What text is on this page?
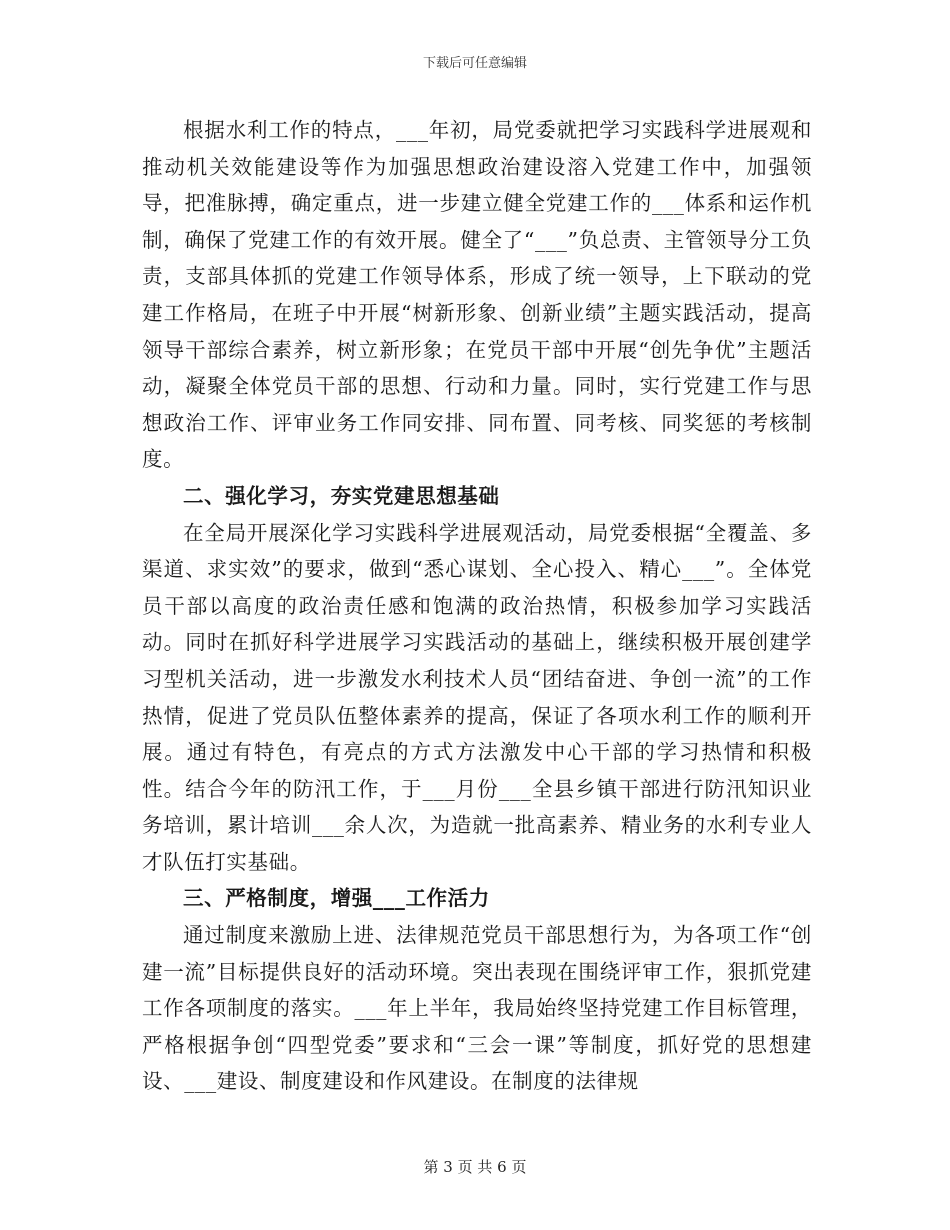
下载后可任意编辑

根据水利工作的特点，___年初，局党委就把学习实践科学进展观和推动机关效能建设等作为加强思想政治建设溶入党建工作中，加强领导，把准脉搏，确定重点，进一步建立健全党建工作的___体系和运作机制，确保了党建工作的有效开展。健全了“___”负总责、主管领导分工负责，支部具体抓的党建工作领导体系，形成了统一领导，上下联动的党建工作格局，在班子中开展“树新形象、创新业绩”主题实践活动，提高领导干部综合素养，树立新形象；在党员干部中开展“创先争优”主题活动，凝聚全体党员干部的思想、行动和力量。同时，实行党建工作与思想政治工作、评审业务工作同安排、同布置、同考核、同奖惩的考核制度。

二、强化学习，夯实党建思想基础

在全局开展深化学习实践科学进展观活动，局党委根据“全覆盖、多渠道、求实效”的要求，做到“悉心谋划、全心投入、精心___”。全体党员干部以高度的政治责任感和饱满的政治热情，积极参加学习实践活动。同时在抓好科学进展学习实践活动的基础上，继续积极开展创建学习型机关活动，进一步激发水利技术人员“团结奋进、争创一流”的工作热情，促进了党员队伍整体素养的提高，保证了各项水利工作的顺利开展。通过有特色，有亮点的方式方法激发中心干部的学习热情和积极性。结合今年的防汛工作，于___月份___全县乡镇干部进行防汛知识业务培训，累计培训___余人次，为造就一批高素养、精业务的水利专业人才队伍打实基础。

三、严格制度，增强___工作活力

通过制度来激励上进、法律规范党员干部思想行为，为各项工作“创建一流”目标提供良好的活动环境。突出表现在围绕评审工作，狠抓党建工作各项制度的落实。___年上半年，我局始终坚持党建工作目标管理，严格根据争创“四型党委”要求和“三会一课”等制度，抓好党的思想建设、___建设、制度建设和作风建设。在制度的法律规

第 3 页 共 6 页
